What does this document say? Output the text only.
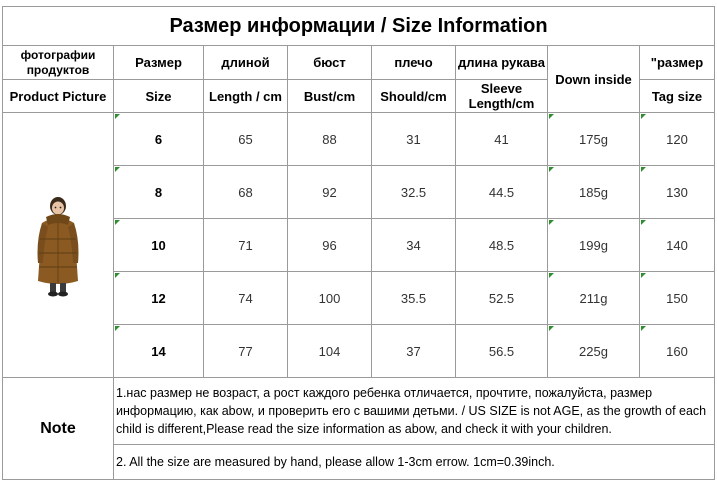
Размер информации / Size Information							
фотографии продуктов	Размер	длиной	бюст	плечо	длина рукава	Down inside	"размер
Product Picture	Size	Length / cm	Bust/cm	Should/cm	Sleeve Length/cm		Tag size
	6	65	88	31	41	175g	120
	8	68	92	32.5	44.5	185g	130
	10	71	96	34	48.5	199g	140
	12	74	100	35.5	52.5	211g	150
	14	77	104	37	56.5	225g	160
Note	1.нас размер не возраст, а рост каждого ребенка отличается, прочтите, пожалуйста, размер информацию, как abow, и проверить его с вашими детьми. / US SIZE is not AGE, as the growth of each child is different,Please read the size information as abow, and check it with your children.						
	2. All the size are measured by hand, please allow 1-3cm errow. 1cm=0.39inch.						
